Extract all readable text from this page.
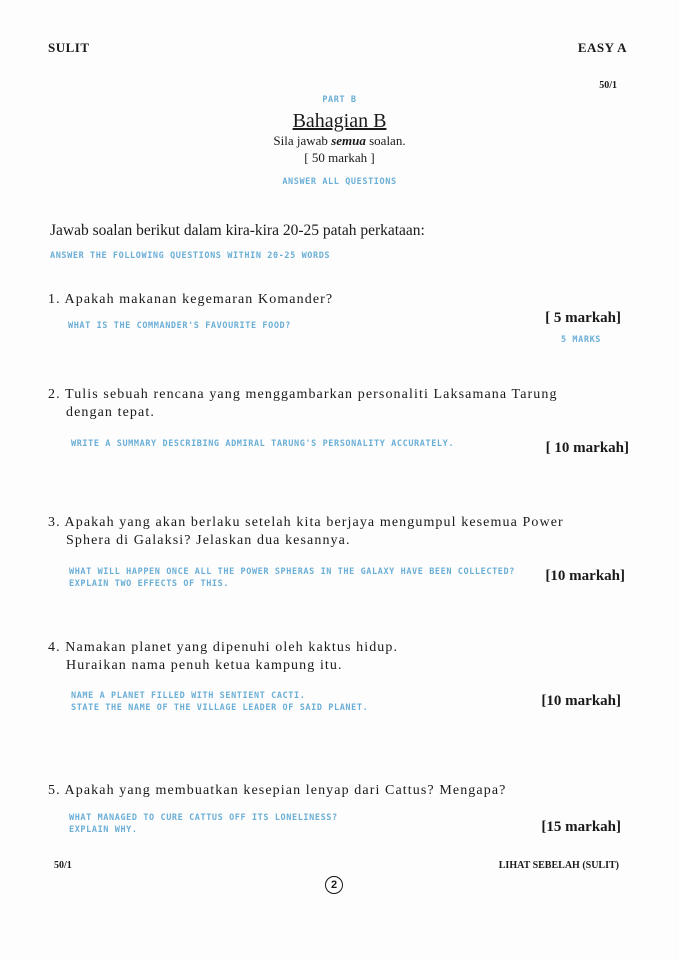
SULIT	EASY A
50/1
PART B
Bahagian B
Sila jawab semua soalan.
[ 50 markah ]
ANSWER ALL QUESTIONS
Jawab soalan berikut dalam kira-kira 20-25 patah perkataan:
ANSWER THE FOLLOWING QUESTIONS WITHIN 20-25 WORDS
1. Apakah makanan kegemaran Komander?
WHAT IS THE COMMANDER'S FAVOURITE FOOD?	[ 5 markah]
5 MARKS
2. Tulis sebuah rencana yang menggambarkan personaliti Laksamana Tarung
dengan tepat.
WRITE A SUMMARY DESCRIBING ADMIRAL TARUNG'S PERSONALITY ACCURATELY.	[ 10 markah]
3. Apakah yang akan berlaku setelah kita berjaya mengumpul kesemua Power
Sphera di Galaksi? Jelaskan dua kesannya.
WHAT WILL HAPPEN ONCE ALL THE POWER SPHERAS IN THE GALAXY HAVE BEEN COLLECTED?
EXPLAIN TWO EFFECTS OF THIS.	[10 markah]
4. Namakan planet yang dipenuhi oleh kaktus hidup.
Huraikan nama penuh ketua kampung itu.
NAME A PLANET FILLED WITH SENTIENT CACTI.
STATE THE NAME OF THE VILLAGE LEADER OF SAID PLANET.	[10 markah]
5. Apakah yang membuatkan kesepian lenyap dari Cattus? Mengapa?
WHAT MANAGED TO CURE CATTUS OFF ITS LONELINESS?
EXPLAIN WHY.	[15 markah]
50/1	LIHAT SEBELAH (SULIT)
2
